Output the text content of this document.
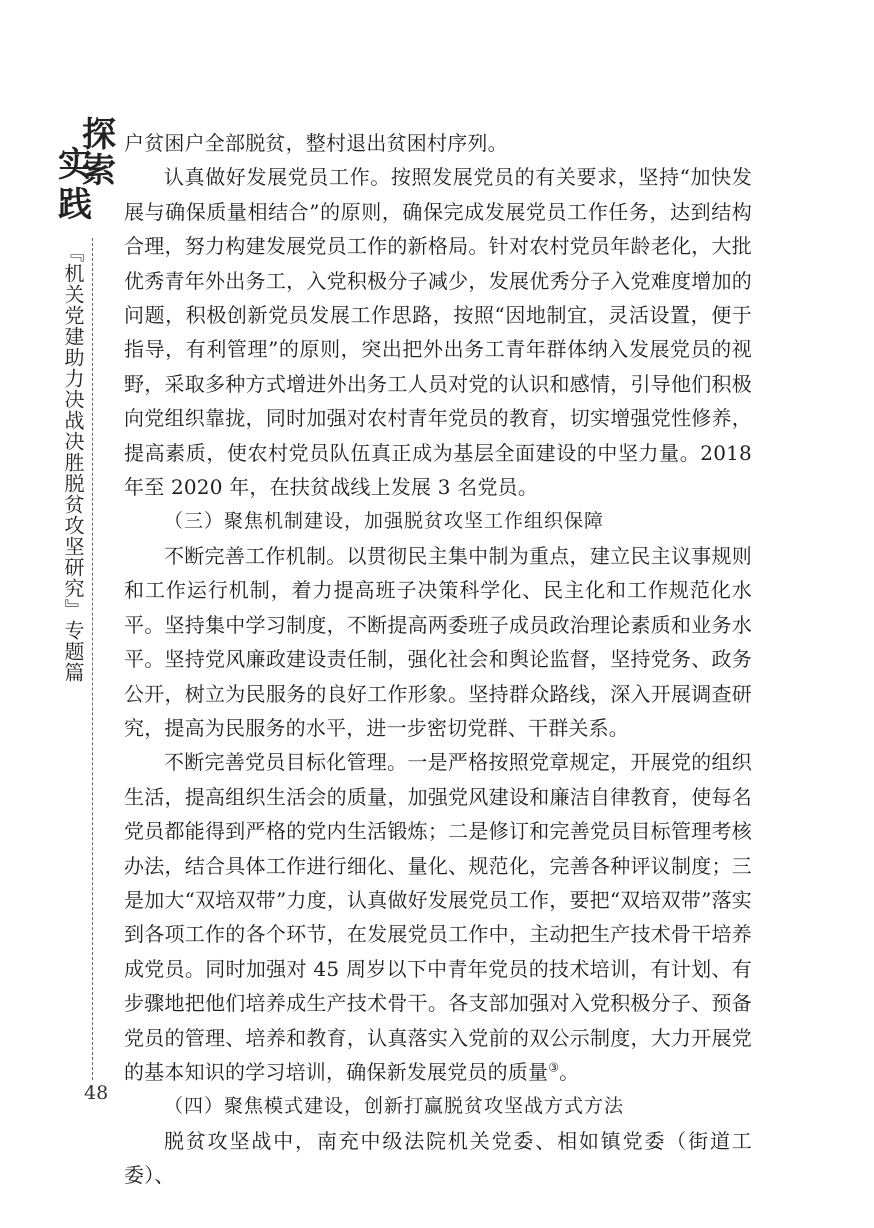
探
索
实
践
『机关党建助力决战决胜脱贫攻坚研究』专题篇
48

户贫困户全部脱贫，整村退出贫困村序列。

认真做好发展党员工作。按照发展党员的有关要求，坚持“加快发展与确保质量相结合”的原则，确保完成发展党员工作任务，达到结构合理，努力构建发展党员工作的新格局。针对农村党员年龄老化，大批优秀青年外出务工，入党积极分子减少，发展优秀分子入党难度增加的问题，积极创新党员发展工作思路，按照“因地制宜，灵活设置，便于指导，有利管理”的原则，突出把外出务工青年群体纳入发展党员的视野，采取多种方式增进外出务工人员对党的认识和感情，引导他们积极向党组织靠拢，同时加强对农村青年党员的教育，切实增强党性修养，提高素质，使农村党员队伍真正成为基层全面建设的中坚力量。2018 年至 2020 年，在扶贫战线上发展 3 名党员。

（三）聚焦机制建设，加强脱贫攻坚工作组织保障

不断完善工作机制。以贯彻民主集中制为重点，建立民主议事规则和工作运行机制，着力提高班子决策科学化、民主化和工作规范化水平。坚持集中学习制度，不断提高两委班子成员政治理论素质和业务水平。坚持党风廉政建设责任制，强化社会和舆论监督，坚持党务、政务公开，树立为民服务的良好工作形象。坚持群众路线，深入开展调查研究，提高为民服务的水平，进一步密切党群、干群关系。

不断完善党员目标化管理。一是严格按照党章规定，开展党的组织生活，提高组织生活会的质量，加强党风建设和廉洁自律教育，使每名党员都能得到严格的党内生活锻炼；二是修订和完善党员目标管理考核办法，结合具体工作进行细化、量化、规范化，完善各种评议制度；三是加大“双培双带”力度，认真做好发展党员工作，要把“双培双带”落实到各项工作的各个环节，在发展党员工作中，主动把生产技术骨干培养成党员。同时加强对 45 周岁以下中青年党员的技术培训，有计划、有步骤地把他们培养成生产技术骨干。各支部加强对入党积极分子、预备党员的管理、培养和教育，认真落实入党前的双公示制度，大力开展党的基本知识的学习培训，确保新发展党员的质量③。

（四）聚焦模式建设，创新打赢脱贫攻坚战方式方法

脱贫攻坚战中，南充中级法院机关党委、相如镇党委（街道工委）、
